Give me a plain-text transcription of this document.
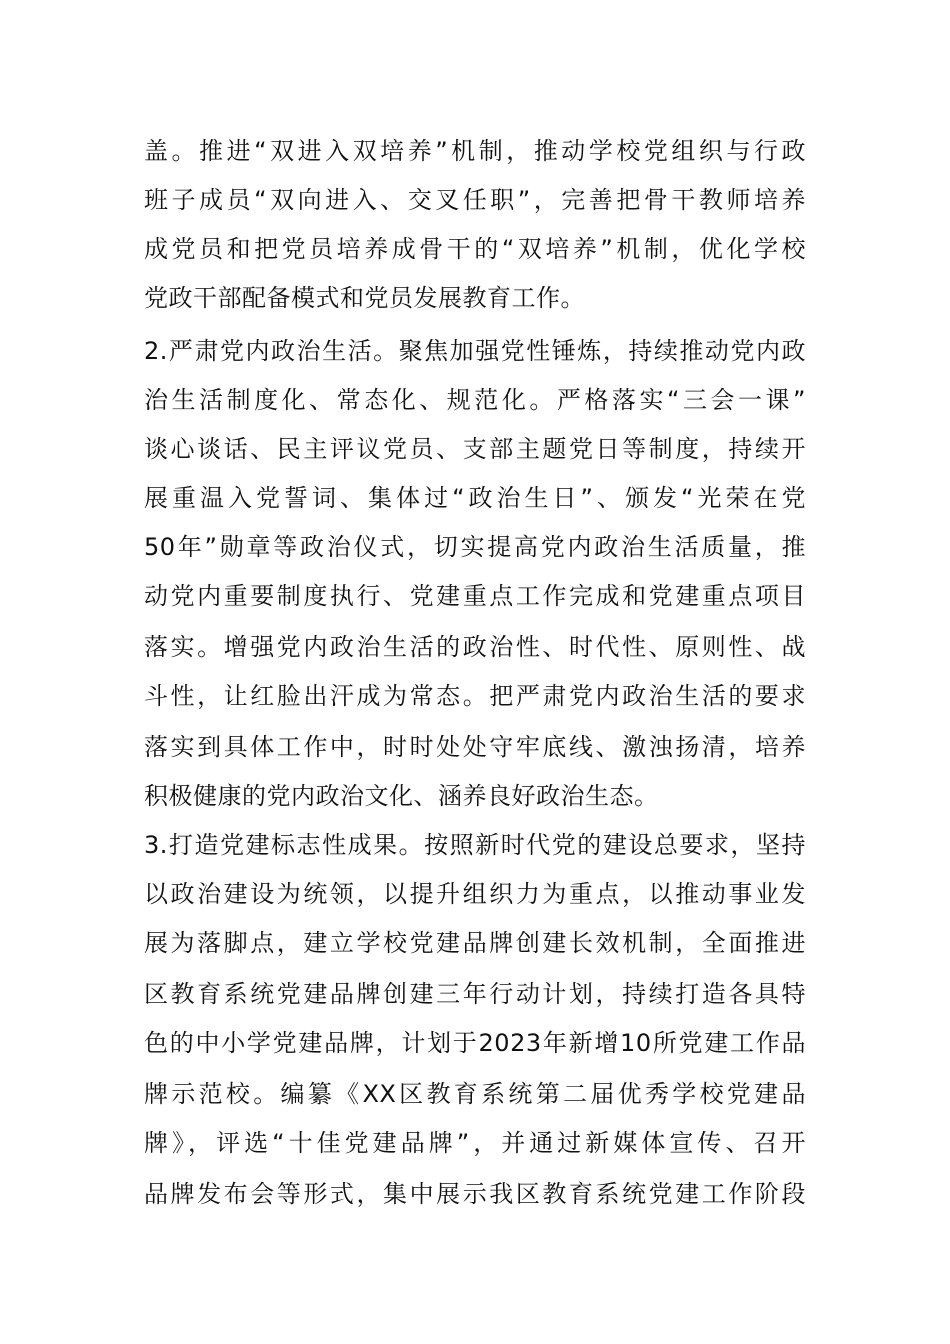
盖。推进“双进入双培养”机制，推动学校党组织与行政
班子成员“双向进入、交叉任职”，完善把骨干教师培养
成党员和把党员培养成骨干的“双培养”机制，优化学校
党政干部配备模式和党员发展教育工作。
2.严肃党内政治生活。聚焦加强党性锤炼，持续推动党内政
治生活制度化、常态化、规范化。严格落实“三会一课”
谈心谈话、民主评议党员、支部主题党日等制度，持续开
展重温入党誓词、集体过“政治生日”、颁发“光荣在党
50年”勋章等政治仪式，切实提高党内政治生活质量，推
动党内重要制度执行、党建重点工作完成和党建重点项目
落实。增强党内政治生活的政治性、时代性、原则性、战
斗性，让红脸出汗成为常态。把严肃党内政治生活的要求
落实到具体工作中，时时处处守牢底线、激浊扬清，培养
积极健康的党内政治文化、涵养良好政治生态。
3.打造党建标志性成果。按照新时代党的建设总要求，坚持
以政治建设为统领，以提升组织力为重点，以推动事业发
展为落脚点，建立学校党建品牌创建长效机制，全面推进
区教育系统党建品牌创建三年行动计划，持续打造各具特
色的中小学党建品牌，计划于2023年新增10所党建工作品
牌示范校。编纂《XX区教育系统第二届优秀学校党建品
牌》，评选“十佳党建品牌”，并通过新媒体宣传、召开
品牌发布会等形式，集中展示我区教育系统党建工作阶段
